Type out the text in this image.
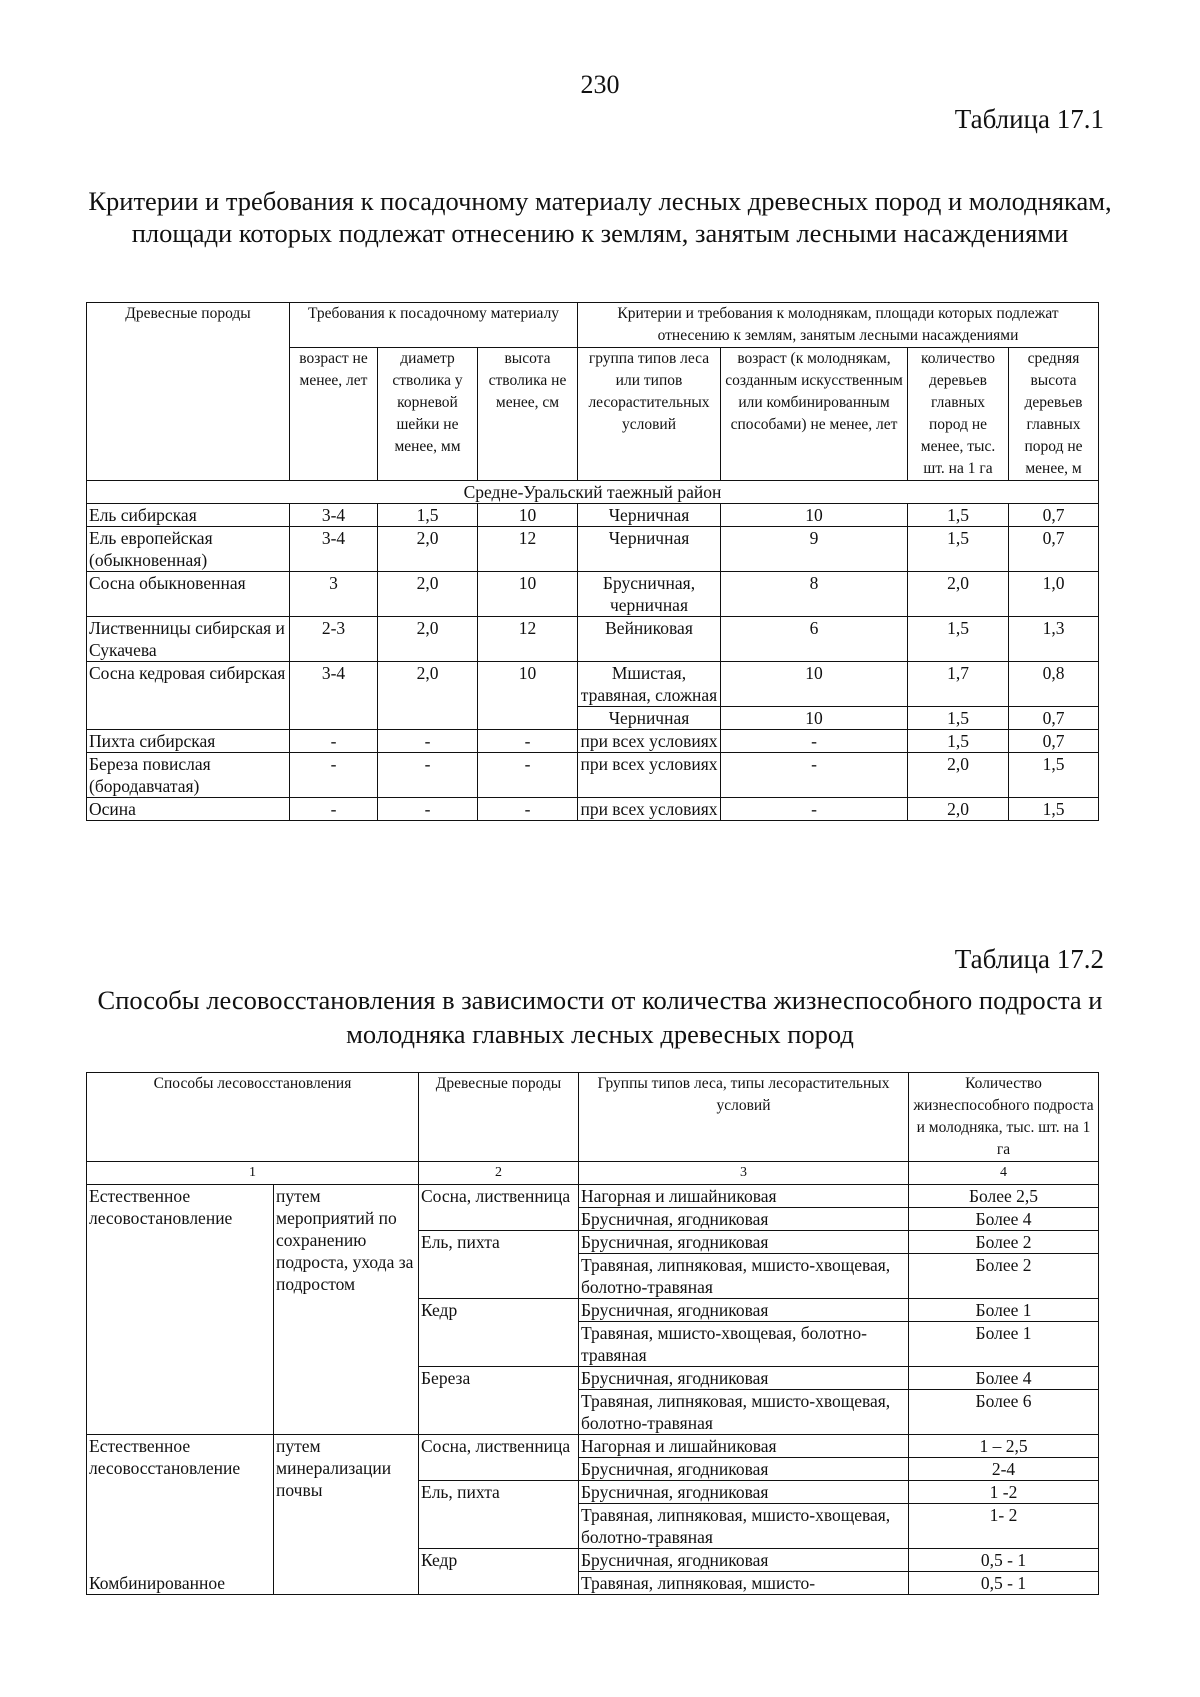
230
Таблица 17.1
Критерии и требования к посадочному материалу лесных древесных пород и молоднякам, площади которых подлежат отнесению к землям, занятым лесными насаждениями
Древесные породы	Требования к посадочному материалу			Критерии и требования к молоднякам, площади которых подлежат отнесению к землям, занятым лесными насаждениями			
	возраст не менее, лет	диаметр стволика у корневой шейки не менее, мм	высота стволика не менее, см	группа типов леса или типов лесорастительных условий	возраст (к молоднякам, созданным искусственным или комбинированным способами) не менее, лет	количество деревьев главных пород не менее, тыс. шт. на 1 га	средняя высота деревьев главных пород не менее, м
Средне-Уральский таежный район							
Ель сибирская	3-4	1,5	10	Черничная	10	1,5	0,7
Ель европейская (обыкновенная)	3-4	2,0	12	Черничная	9	1,5	0,7
Сосна обыкновенная	3	2,0	10	Брусничная, черничная	8	2,0	1,0
Лиственницы сибирская и Сукачева	2-3	2,0	12	Вейниковая	6	1,5	1,3
Сосна кедровая сибирская	3-4	2,0	10	Мшистая, травяная, сложная	10	1,7	0,8
				Черничная	10	1,5	0,7
Пихта сибирская	-	-	-	при всех условиях	-	1,5	0,7
Береза повислая (бородавчатая)	-	-	-	при всех условиях	-	2,0	1,5
Осина	-	-	-	при всех условиях	-	2,0	1,5
Таблица 17.2
Способы лесовосстановления в зависимости от количества жизнеспособного подроста и молодняка главных лесных древесных пород
Способы лесовосстановления		Древесные породы	Группы типов леса, типы лесорастительных условий	Количество жизнеспособного подроста и молодняка, тыс. шт. на 1 га
1		2	3	4
Естественное лесовостановление	путем мероприятий по сохранению подроста, ухода за подростом	Сосна, лиственница	Нагорная и лишайниковая	Более 2,5
			Брусничная, ягодниковая	Более 4
		Ель, пихта	Брусничная, ягодниковая	Более 2
			Травяная, липняковая, мшисто-хвощевая, болотно-травяная	Более 2
		Кедр	Брусничная, ягодниковая	Более 1
			Травяная, мшисто-хвощевая, болотно-травяная	Более 1
		Береза	Брусничная, ягодниковая	Более 4
			Травяная, липняковая, мшисто-хвощевая, болотно-травяная	Более 6
Естественное лесовосстановление	путем минерализации почвы	Сосна, лиственница	Нагорная и лишайниковая	1 – 2,5
			Брусничная, ягодниковая	2-4
		Ель, пихта	Брусничная, ягодниковая	1 -2
			Травяная, липняковая, мшисто-хвощевая, болотно-травяная	1- 2
Комбинированное		Кедр	Брусничная, ягодниковая	0,5 - 1
			Травяная, липняковая, мшисто-	0,5 - 1
